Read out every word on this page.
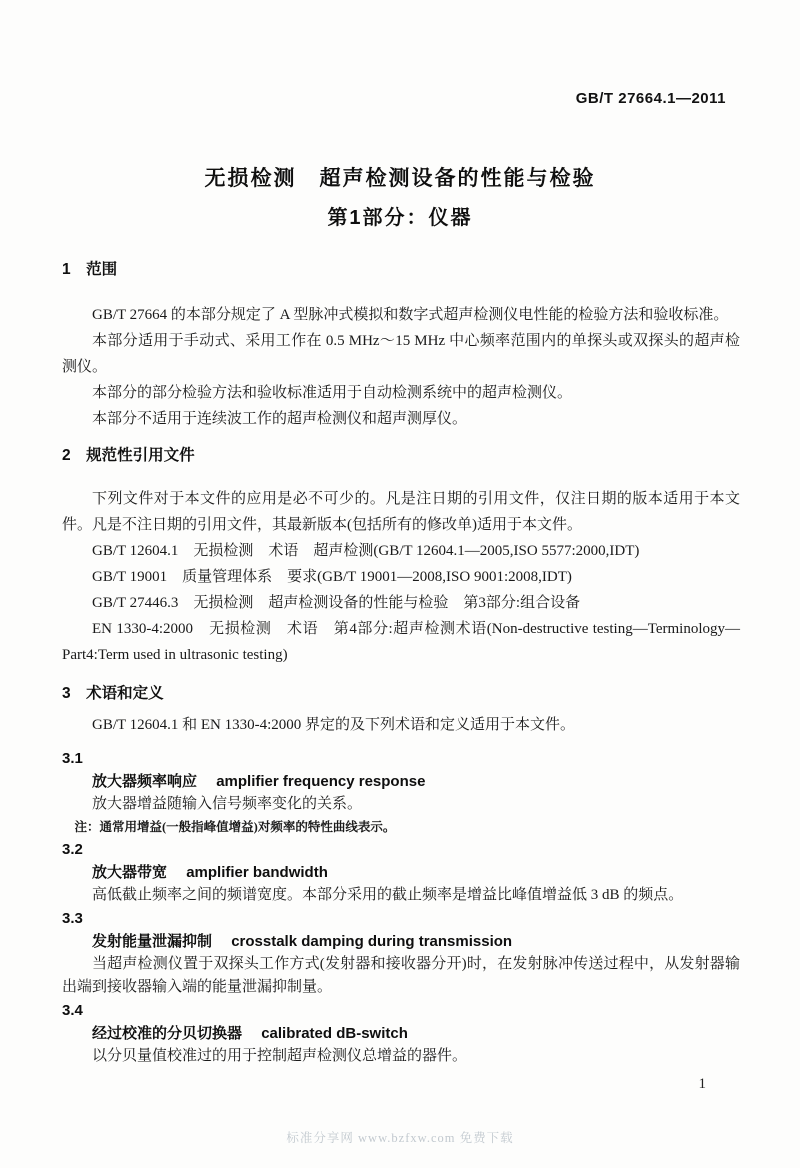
GB/T 27664.1—2011
无损检测　超声检测设备的性能与检验
第1部分：仪器
1　范围

GB/T 27664 的本部分规定了 A 型脉冲式模拟和数字式超声检测仪电性能的检验方法和验收标准。

本部分适用于手动式、采用工作在 0.5 MHz～15 MHz 中心频率范围内的单探头或双探头的超声检测仪。

本部分的部分检验方法和验收标准适用于自动检测系统中的超声检测仪。

本部分不适用于连续波工作的超声检测仪和超声测厚仪。

2　规范性引用文件

下列文件对于本文件的应用是必不可少的。凡是注日期的引用文件，仅注日期的版本适用于本文件。凡是不注日期的引用文件，其最新版本(包括所有的修改单)适用于本文件。

GB/T 12604.1　无损检测　术语　超声检测(GB/T 12604.1—2005,ISO 5577:2000,IDT)

GB/T 19001　质量管理体系　要求(GB/T 19001—2008,ISO 9001:2008,IDT)

GB/T 27446.3　无损检测　超声检测设备的性能与检验　第3部分:组合设备

EN 1330-4:2000　无损检测　术语　第4部分:超声检测术语(Non-destructive testing—Terminology—Part4:Term used in ultrasonic testing)

3　术语和定义

GB/T 12604.1 和 EN 1330-4:2000 界定的及下列术语和定义适用于本文件。

3.1
放大器频率响应 amplifier frequency response

放大器增益随输入信号频率变化的关系。

注：通常用增益(一般指峰值增益)对频率的特性曲线表示。

3.2
放大器带宽 amplifier bandwidth

高低截止频率之间的频谱宽度。本部分采用的截止频率是增益比峰值增益低 3 dB 的频点。

3.3
发射能量泄漏抑制 crosstalk damping during transmission

当超声检测仪置于双探头工作方式(发射器和接收器分开)时，在发射脉冲传送过程中，从发射器输出端到接收器输入端的能量泄漏抑制量。

3.4
经过校准的分贝切换器 calibrated dB-switch

以分贝量值校准过的用于控制超声检测仪总增益的器件。

1
标准分享网 www.bzfxw.com 免费下载
